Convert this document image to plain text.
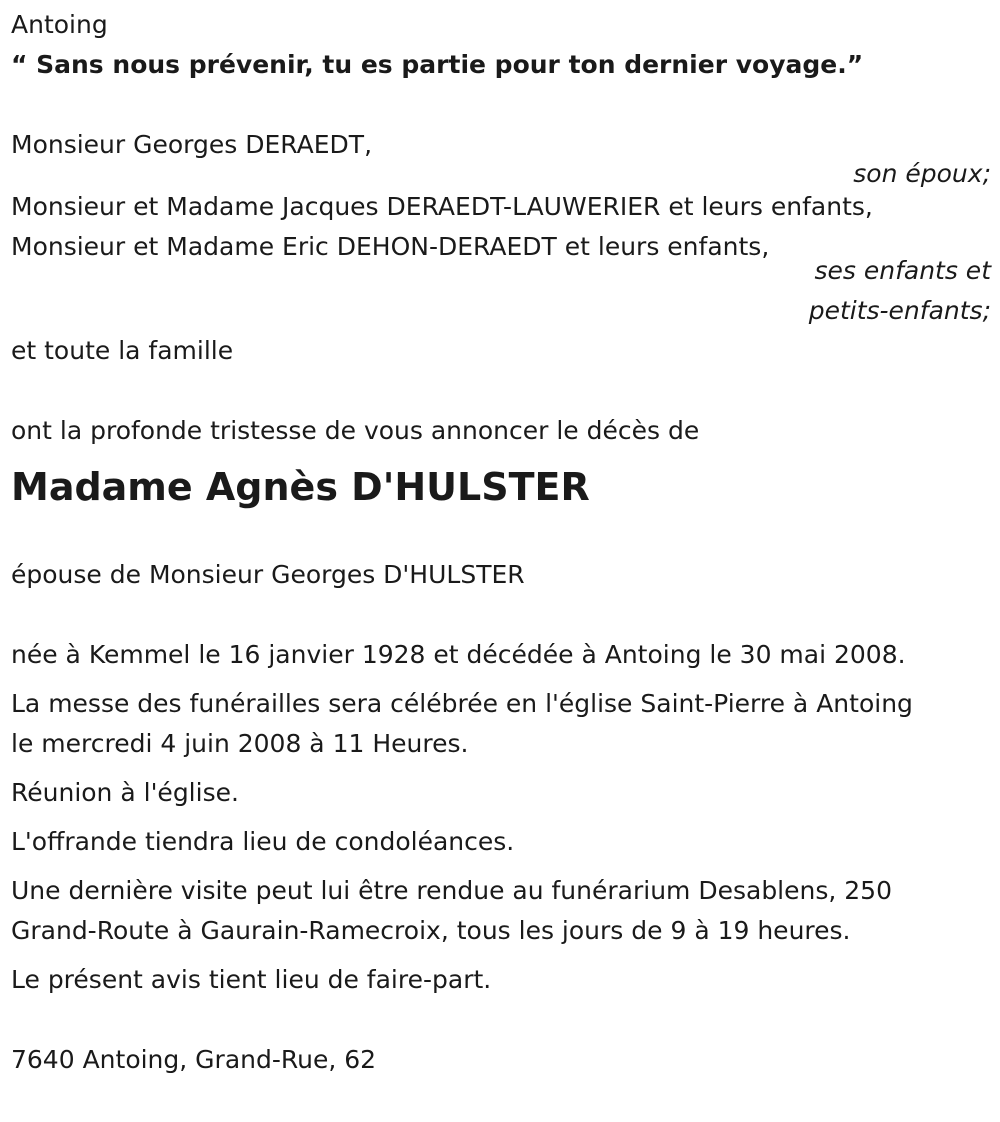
Antoing
“ Sans nous prévenir, tu es partie pour ton dernier voyage.”
Monsieur Georges DERAEDT,
son époux;
Monsieur et Madame Jacques DERAEDT-LAUWERIER et leurs enfants,
Monsieur et Madame Eric DEHON-DERAEDT et leurs enfants,
ses enfants et
petits-enfants;
et toute la famille
ont la profonde tristesse de vous annoncer le décès de
Madame Agnès D'HULSTER
épouse de Monsieur Georges D'HULSTER
née à Kemmel le 16 janvier 1928 et décédée à Antoing le 30 mai 2008.
La messe des funérailles sera célébrée en l'église Saint-Pierre à Antoing
le mercredi 4 juin 2008 à 11 Heures.
Réunion à l'église.
L'offrande tiendra lieu de condoléances.
Une dernière visite peut lui être rendue au funérarium Desablens, 250
Grand-Route à Gaurain-Ramecroix, tous les jours de 9 à 19 heures.
Le présent avis tient lieu de faire-part.
7640 Antoing, Grand-Rue, 62
